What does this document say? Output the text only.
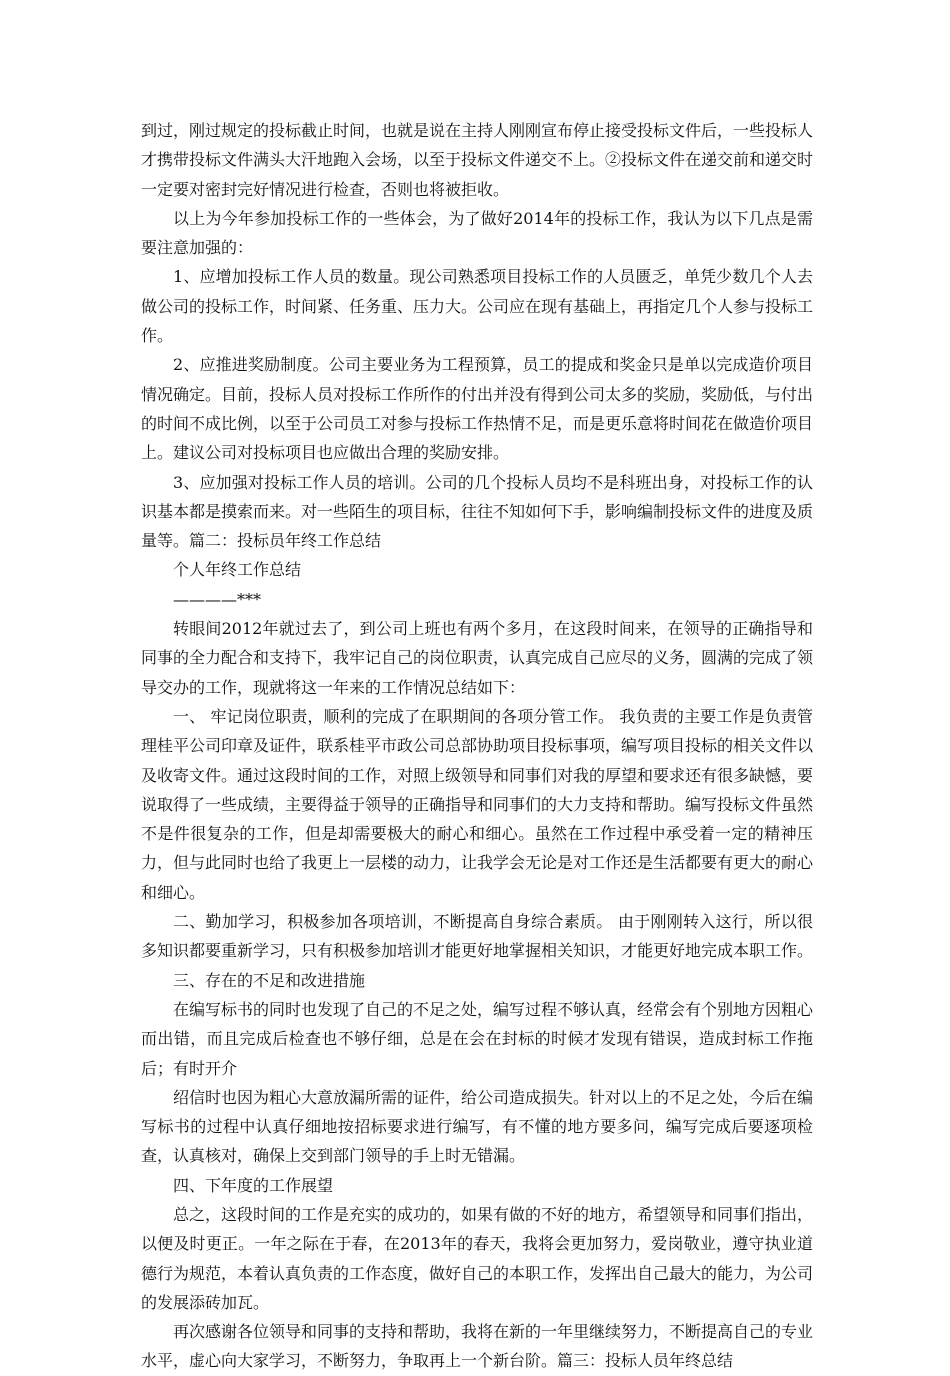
到过，刚过规定的投标截止时间，也就是说在主持人刚刚宣布停止接受投标文件后，一些投标人才携带投标文件满头大汗地跑入会场，以至于投标文件递交不上。②投标文件在递交前和递交时一定要对密封完好情况进行检查，否则也将被拒收。

以上为今年参加投标工作的一些体会，为了做好2014年的投标工作，我认为以下几点是需要注意加强的：

1、应增加投标工作人员的数量。现公司熟悉项目投标工作的人员匮乏，单凭少数几个人去做公司的投标工作，时间紧、任务重、压力大。公司应在现有基础上，再指定几个人参与投标工作。

2、应推进奖励制度。公司主要业务为工程预算，员工的提成和奖金只是单以完成造价项目情况确定。目前，投标人员对投标工作所作的付出并没有得到公司太多的奖励，奖励低，与付出的时间不成比例，以至于公司员工对参与投标工作热情不足，而是更乐意将时间花在做造价项目上。建议公司对投标项目也应做出合理的奖励安排。

3、应加强对投标工作人员的培训。公司的几个投标人员均不是科班出身，对投标工作的认识基本都是摸索而来。对一些陌生的项目标，往往不知如何下手，影响编制投标文件的进度及质量等。篇二：投标员年终工作总结

个人年终工作总结

————***

转眼间2012年就过去了，到公司上班也有两个多月，在这段时间来，在领导的正确指导和同事的全力配合和支持下，我牢记自己的岗位职责，认真完成自己应尽的义务，圆满的完成了领导交办的工作，现就将这一年来的工作情况总结如下：

一、 牢记岗位职责，顺利的完成了在职期间的各项分管工作。 我负责的主要工作是负责管理桂平公司印章及证件，联系桂平市政公司总部协助项目投标事项，编写项目投标的相关文件以及收寄文件。通过这段时间的工作，对照上级领导和同事们对我的厚望和要求还有很多缺憾，要说取得了一些成绩，主要得益于领导的正确指导和同事们的大力支持和帮助。编写投标文件虽然不是件很复杂的工作，但是却需要极大的耐心和细心。虽然在工作过程中承受着一定的精神压力，但与此同时也给了我更上一层楼的动力，让我学会无论是对工作还是生活都要有更大的耐心和细心。

二、勤加学习，积极参加各项培训，不断提高自身综合素质。 由于刚刚转入这行，所以很多知识都要重新学习，只有积极参加培训才能更好地掌握相关知识，才能更好地完成本职工作。

三、存在的不足和改进措施

在编写标书的同时也发现了自己的不足之处，编写过程不够认真，经常会有个别地方因粗心而出错，而且完成后检查也不够仔细，总是在会在封标的时候才发现有错误，造成封标工作拖后；有时开介

绍信时也因为粗心大意放漏所需的证件，给公司造成损失。针对以上的不足之处，今后在编写标书的过程中认真仔细地按招标要求进行编写，有不懂的地方要多问，编写完成后要逐项检查，认真核对，确保上交到部门领导的手上时无错漏。

四、下年度的工作展望

总之，这段时间的工作是充实的成功的，如果有做的不好的地方，希望领导和同事们指出，以便及时更正。一年之际在于春，在2013年的春天，我将会更加努力，爱岗敬业，遵守执业道德行为规范，本着认真负责的工作态度，做好自己的本职工作，发挥出自己最大的能力，为公司的发展添砖加瓦。

再次感谢各位领导和同事的支持和帮助，我将在新的一年里继续努力，不断提高自己的专业水平，虚心向大家学习，不断努力，争取再上一个新台阶。篇三：投标人员年终总结
